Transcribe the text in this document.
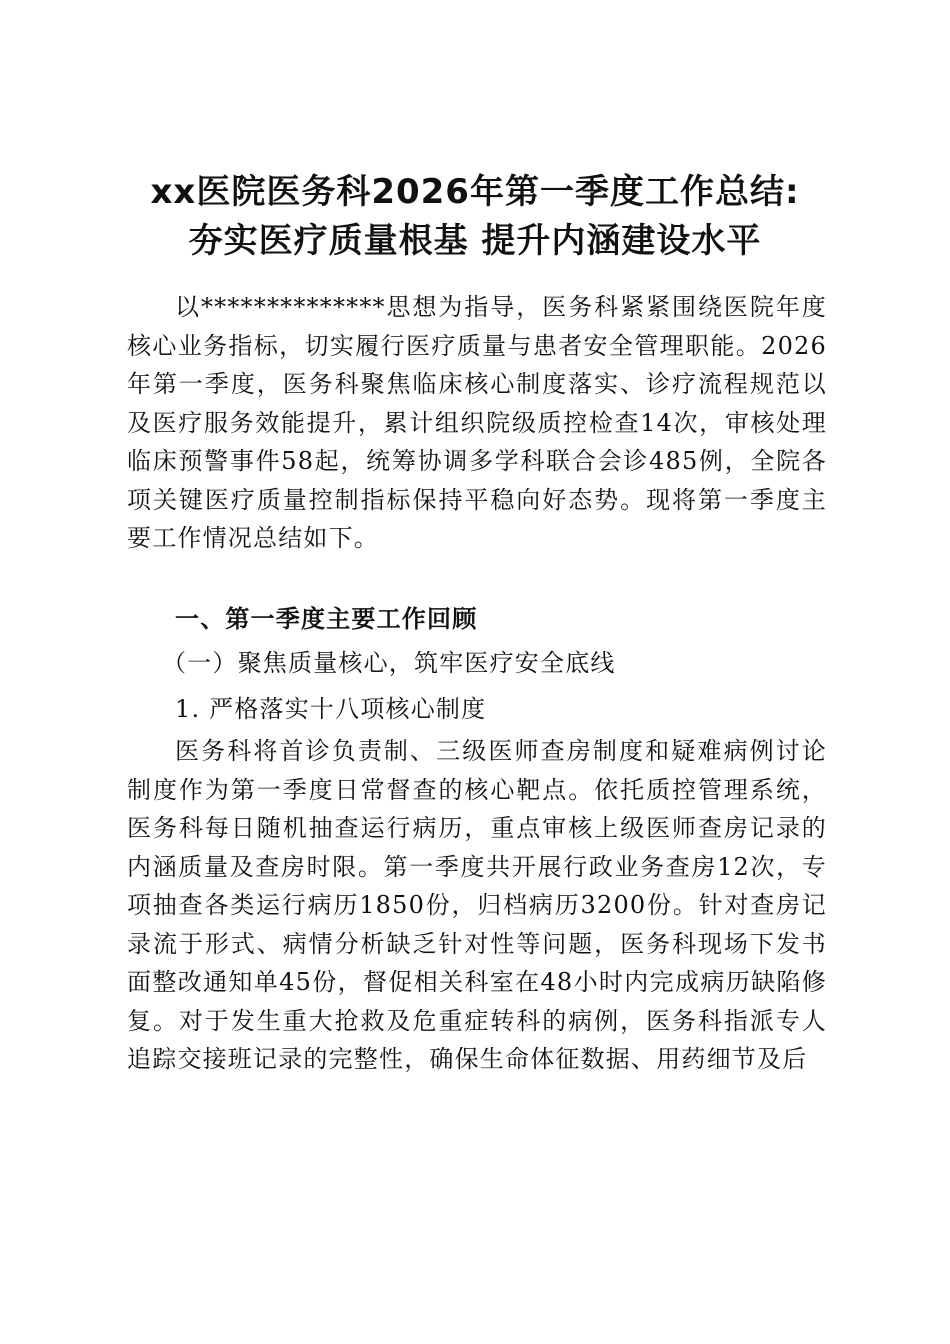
xx医院医务科2026年第一季度工作总结:
夯实医疗质量根基 提升内涵建设水平
以**************思想为指导，医务科紧紧围绕医院年度核心业务指标，切实履行医疗质量与患者安全管理职能。2026年第一季度，医务科聚焦临床核心制度落实、诊疗流程规范以及医疗服务效能提升，累计组织院级质控检查14次，审核处理临床预警事件58起，统筹协调多学科联合会诊485例，全院各项关键医疗质量控制指标保持平稳向好态势。现将第一季度主要工作情况总结如下。
一、第一季度主要工作回顾
（一）聚焦质量核心，筑牢医疗安全底线
1. 严格落实十八项核心制度
医务科将首诊负责制、三级医师查房制度和疑难病例讨论制度作为第一季度日常督查的核心靶点。依托质控管理系统，医务科每日随机抽查运行病历，重点审核上级医师查房记录的内涵质量及查房时限。第一季度共开展行政业务查房12次，专项抽查各类运行病历1850份，归档病历3200份。针对查房记录流于形式、病情分析缺乏针对性等问题，医务科现场下发书面整改通知单45份，督促相关科室在48小时内完成病历缺陷修复。对于发生重大抢救及危重症转科的病例，医务科指派专人追踪交接班记录的完整性，确保生命体征数据、用药细节及后
